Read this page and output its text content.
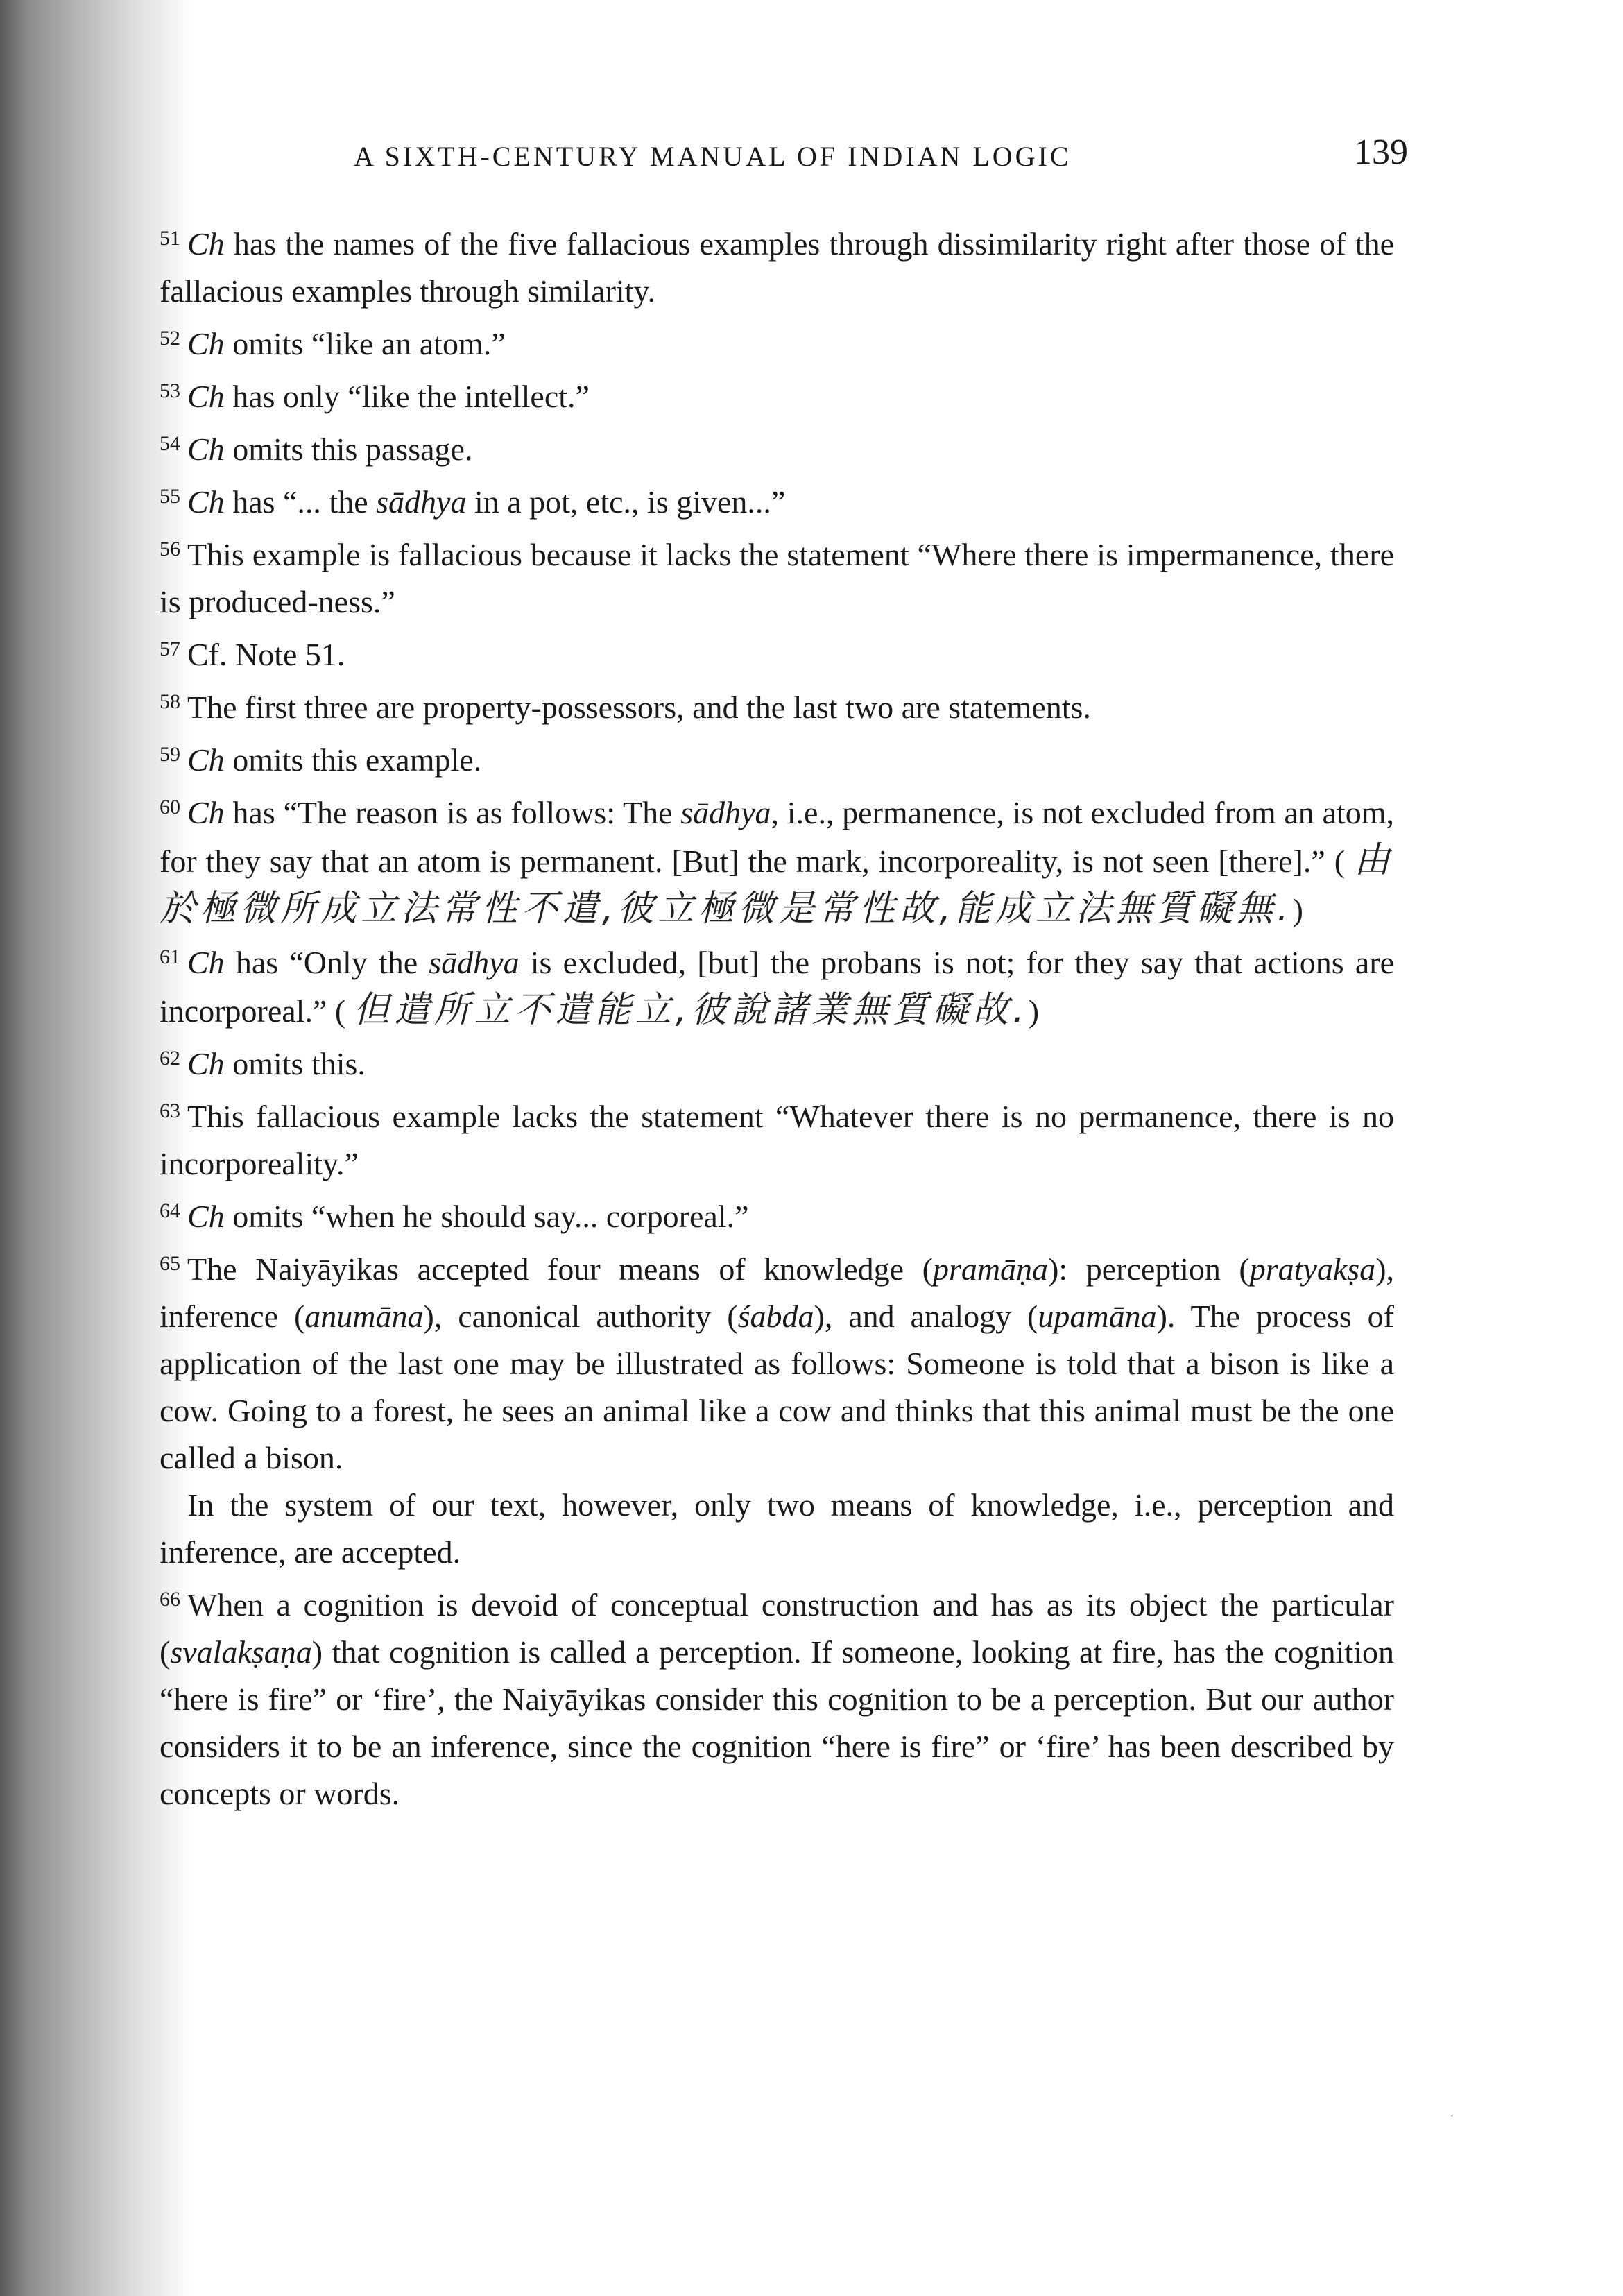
A SIXTH-CENTURY MANUAL OF INDIAN LOGIC	139

$^{51}$ Ch has the names of the five fallacious examples through dissimilarity right after those of the fallacious examples through similarity.

$^{52}$ Ch omits “like an atom.”

$^{53}$ Ch has only “like the intellect.”

$^{54}$ Ch omits this passage.

$^{55}$ Ch has “... the sādhya in a pot, etc., is given...”

$^{56}$ This example is fallacious because it lacks the statement “Where there is impermanence, there is produced-ness.”

$^{57}$ Cf. Note 51.

$^{58}$ The first three are property-possessors, and the last two are statements.

$^{59}$ Ch omits this example.

$^{60}$ Ch has “The reason is as follows: The sādhya, i.e., permanence, is not excluded from an atom, for they say that an atom is permanent. [But] the mark, incorporeality, is not seen [there].” ( 由於極微所成立法常性不遣,彼立極微是常性故,能成立法無質礙無.)

$^{61}$ Ch has “Only the sādhya is excluded, [but] the probans is not; for they say that actions are incorporeal.” ( 但遣所立不遣能立,彼說諸業無質礙故.)

$^{62}$ Ch omits this.

$^{63}$ This fallacious example lacks the statement “Whatever there is no permanence, there is no incorporeality.”

$^{64}$ Ch omits “when he should say... corporeal.”

$^{65}$ The Naiyāyikas accepted four means of knowledge (pramāṇa): perception (pratyakṣa), inference (anumāna), canonical authority (śabda), and analogy (upamāna). The process of application of the last one may be illustrated as follows: Someone is told that a bison is like a cow. Going to a forest, he sees an animal like a cow and thinks that this animal must be the one called a bison.

In the system of our text, however, only two means of knowledge, i.e., perception and inference, are accepted.

$^{66}$ When a cognition is devoid of conceptual construction and has as its object the particular (svalakṣaṇa) that cognition is called a perception. If someone, looking at fire, has the cognition “here is fire” or ‘fire’, the Naiyāyikas consider this cognition to be a perception. But our author considers it to be an inference, since the cognition “here is fire” or ‘fire’ has been described by concepts or words.

·
